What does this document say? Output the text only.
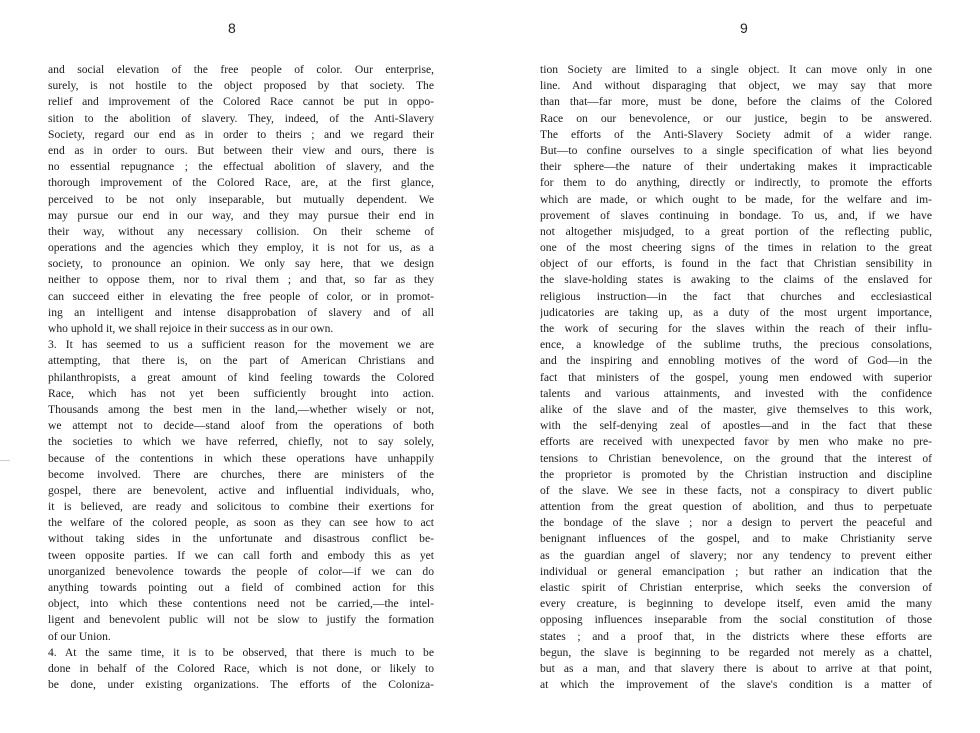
8
and social elevation of the free people of color. Our enterprise,
surely, is not hostile to the object proposed by that society. The
relief and improvement of the Colored Race cannot be put in oppo-
sition to the abolition of slavery. They, indeed, of the Anti-Slavery
Society, regard our end as in order to theirs ; and we regard their
end as in order to ours. But between their view and ours, there is
no essential repugnance ; the effectual abolition of slavery, and the
thorough improvement of the Colored Race, are, at the first glance,
perceived to be not only inseparable, but mutually dependent. We
may pursue our end in our way, and they may pursue their end in
their way, without any necessary collision. On their scheme of
operations and the agencies which they employ, it is not for us, as a
society, to pronounce an opinion. We only say here, that we design
neither to oppose them, nor to rival them ; and that, so far as they
can succeed either in elevating the free people of color, or in promot-
ing an intelligent and intense disapprobation of slavery and of all
who uphold it, we shall rejoice in their success as in our own.
3. It has seemed to us a sufficient reason for the movement we are
attempting, that there is, on the part of American Christians and
philanthropists, a great amount of kind feeling towards the Colored
Race, which has not yet been sufficiently brought into action.
Thousands among the best men in the land,—whether wisely or not,
we attempt not to decide—stand aloof from the operations of both
the societies to which we have referred, chiefly, not to say solely,
because of the contentions in which these operations have unhappily
become involved. There are churches, there are ministers of the
gospel, there are benevolent, active and influential individuals, who,
it is believed, are ready and solicitous to combine their exertions for
the welfare of the colored people, as soon as they can see how to act
without taking sides in the unfortunate and disastrous conflict be-
tween opposite parties. If we can call forth and embody this as yet
unorganized benevolence towards the people of color—if we can do
anything towards pointing out a field of combined action for this
object, into which these contentions need not be carried,—the intel-
ligent and benevolent public will not be slow to justify the formation
of our Union.
4. At the same time, it is to be observed, that there is much to be
done in behalf of the Colored Race, which is not done, or likely to
be done, under existing organizations. The efforts of the Coloniza-
9
tion Society are limited to a single object. It can move only in one
line. And without disparaging that object, we may say that more
than that—far more, must be done, before the claims of the Colored
Race on our benevolence, or our justice, begin to be answered.
The efforts of the Anti-Slavery Society admit of a wider range.
But—to confine ourselves to a single specification of what lies beyond
their sphere—the nature of their undertaking makes it impracticable
for them to do anything, directly or indirectly, to promote the efforts
which are made, or which ought to be made, for the welfare and im-
provement of slaves continuing in bondage. To us, and, if we have
not altogether misjudged, to a great portion of the reflecting public,
one of the most cheering signs of the times in relation to the great
object of our efforts, is found in the fact that Christian sensibility in
the slave-holding states is awaking to the claims of the enslaved for
religious instruction—in the fact that churches and ecclesiastical
judicatories are taking up, as a duty of the most urgent importance,
the work of securing for the slaves within the reach of their influ-
ence, a knowledge of the sublime truths, the precious consolations,
and the inspiring and ennobling motives of the word of God—in the
fact that ministers of the gospel, young men endowed with superior
talents and various attainments, and invested with the confidence
alike of the slave and of the master, give themselves to this work,
with the self-denying zeal of apostles—and in the fact that these
efforts are received with unexpected favor by men who make no pre-
tensions to Christian benevolence, on the ground that the interest of
the proprietor is promoted by the Christian instruction and discipline
of the slave. We see in these facts, not a conspiracy to divert public
attention from the great question of abolition, and thus to perpetuate
the bondage of the slave ; nor a design to pervert the peaceful and
benignant influences of the gospel, and to make Christianity serve
as the guardian angel of slavery; nor any tendency to prevent either
individual or general emancipation ; but rather an indication that the
elastic spirit of Christian enterprise, which seeks the conversion of
every creature, is beginning to develope itself, even amid the many
opposing influences inseparable from the social constitution of those
states ; and a proof that, in the districts where these efforts are
begun, the slave is beginning to be regarded not merely as a chattel,
but as a man, and that slavery there is about to arrive at that point,
at which the improvement of the slave's condition is a matter of
